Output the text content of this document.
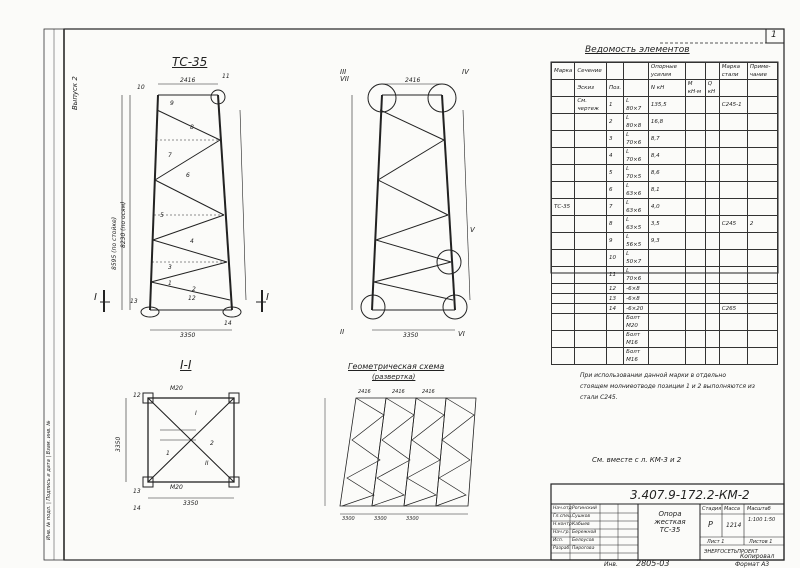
1
Выпуск 2
Инв. № подл. | Подпись и дата | Взам. инв. №
ТС-35
2416
3350
8595 (по стойке) 8230 (по осям)
I	I
1
2
3
4
5
6
7
8
9
10
11
12
13
14
2416
3350
II
III	IV
V
VI
VII
I-I
3350
3350
М20
М20
12
13
14
2
1
I
II
Геометрическая схема
(развертка)
2416	2416	2416
3300	3300	3300
Ведомость элементов
Марка	Сечение			Опорные усилия			Марка стали	Приме-чание
	Эскиз	Поз.		N кН	M кН·м	Q кН		
	См. чертеж	1	L 80×7	135,5			С245-1	
		2	L 80×8	16,8				
		3	L 70×6	8,7				
		4	L 70×6	8,4				
		5	L 70×5	8,6				
		6	L 63×6	8,1				
ТС-35		7	L 63×6	4,0				
		8	L 63×5	3,5			С245	2
		9	L 56×5	9,3				
		10	L 50×7					
		11	L 70×6					
		12	-6×8					
		13	-6×8					
		14	-6×20				С265	
			Болт М20					
			Болт М16					
			Болт М16					
При использовании данной марки в отдельно стоящем молниеотводе позиции 1 и 2 выполняются из стали С245.
См. вместе с л. КМ-3 и 2
3.407.9-172.2-КМ-2
Опора жесткая ТС-35
Стадия Масса Масштаб
Р 1214
1:100 1:50
Лист 1	Листов 1
ЭНЕРГОСЕТЬПРОЕКТ
Нач.отд.
Рогинский
Гл.спец. Сушков
Н.контр.
Кабыев
Нач.гр. Бережной
Исп. Белоусов
Разраб. Пирогова
Инв. 2805-03	Формат А3
Копировал
